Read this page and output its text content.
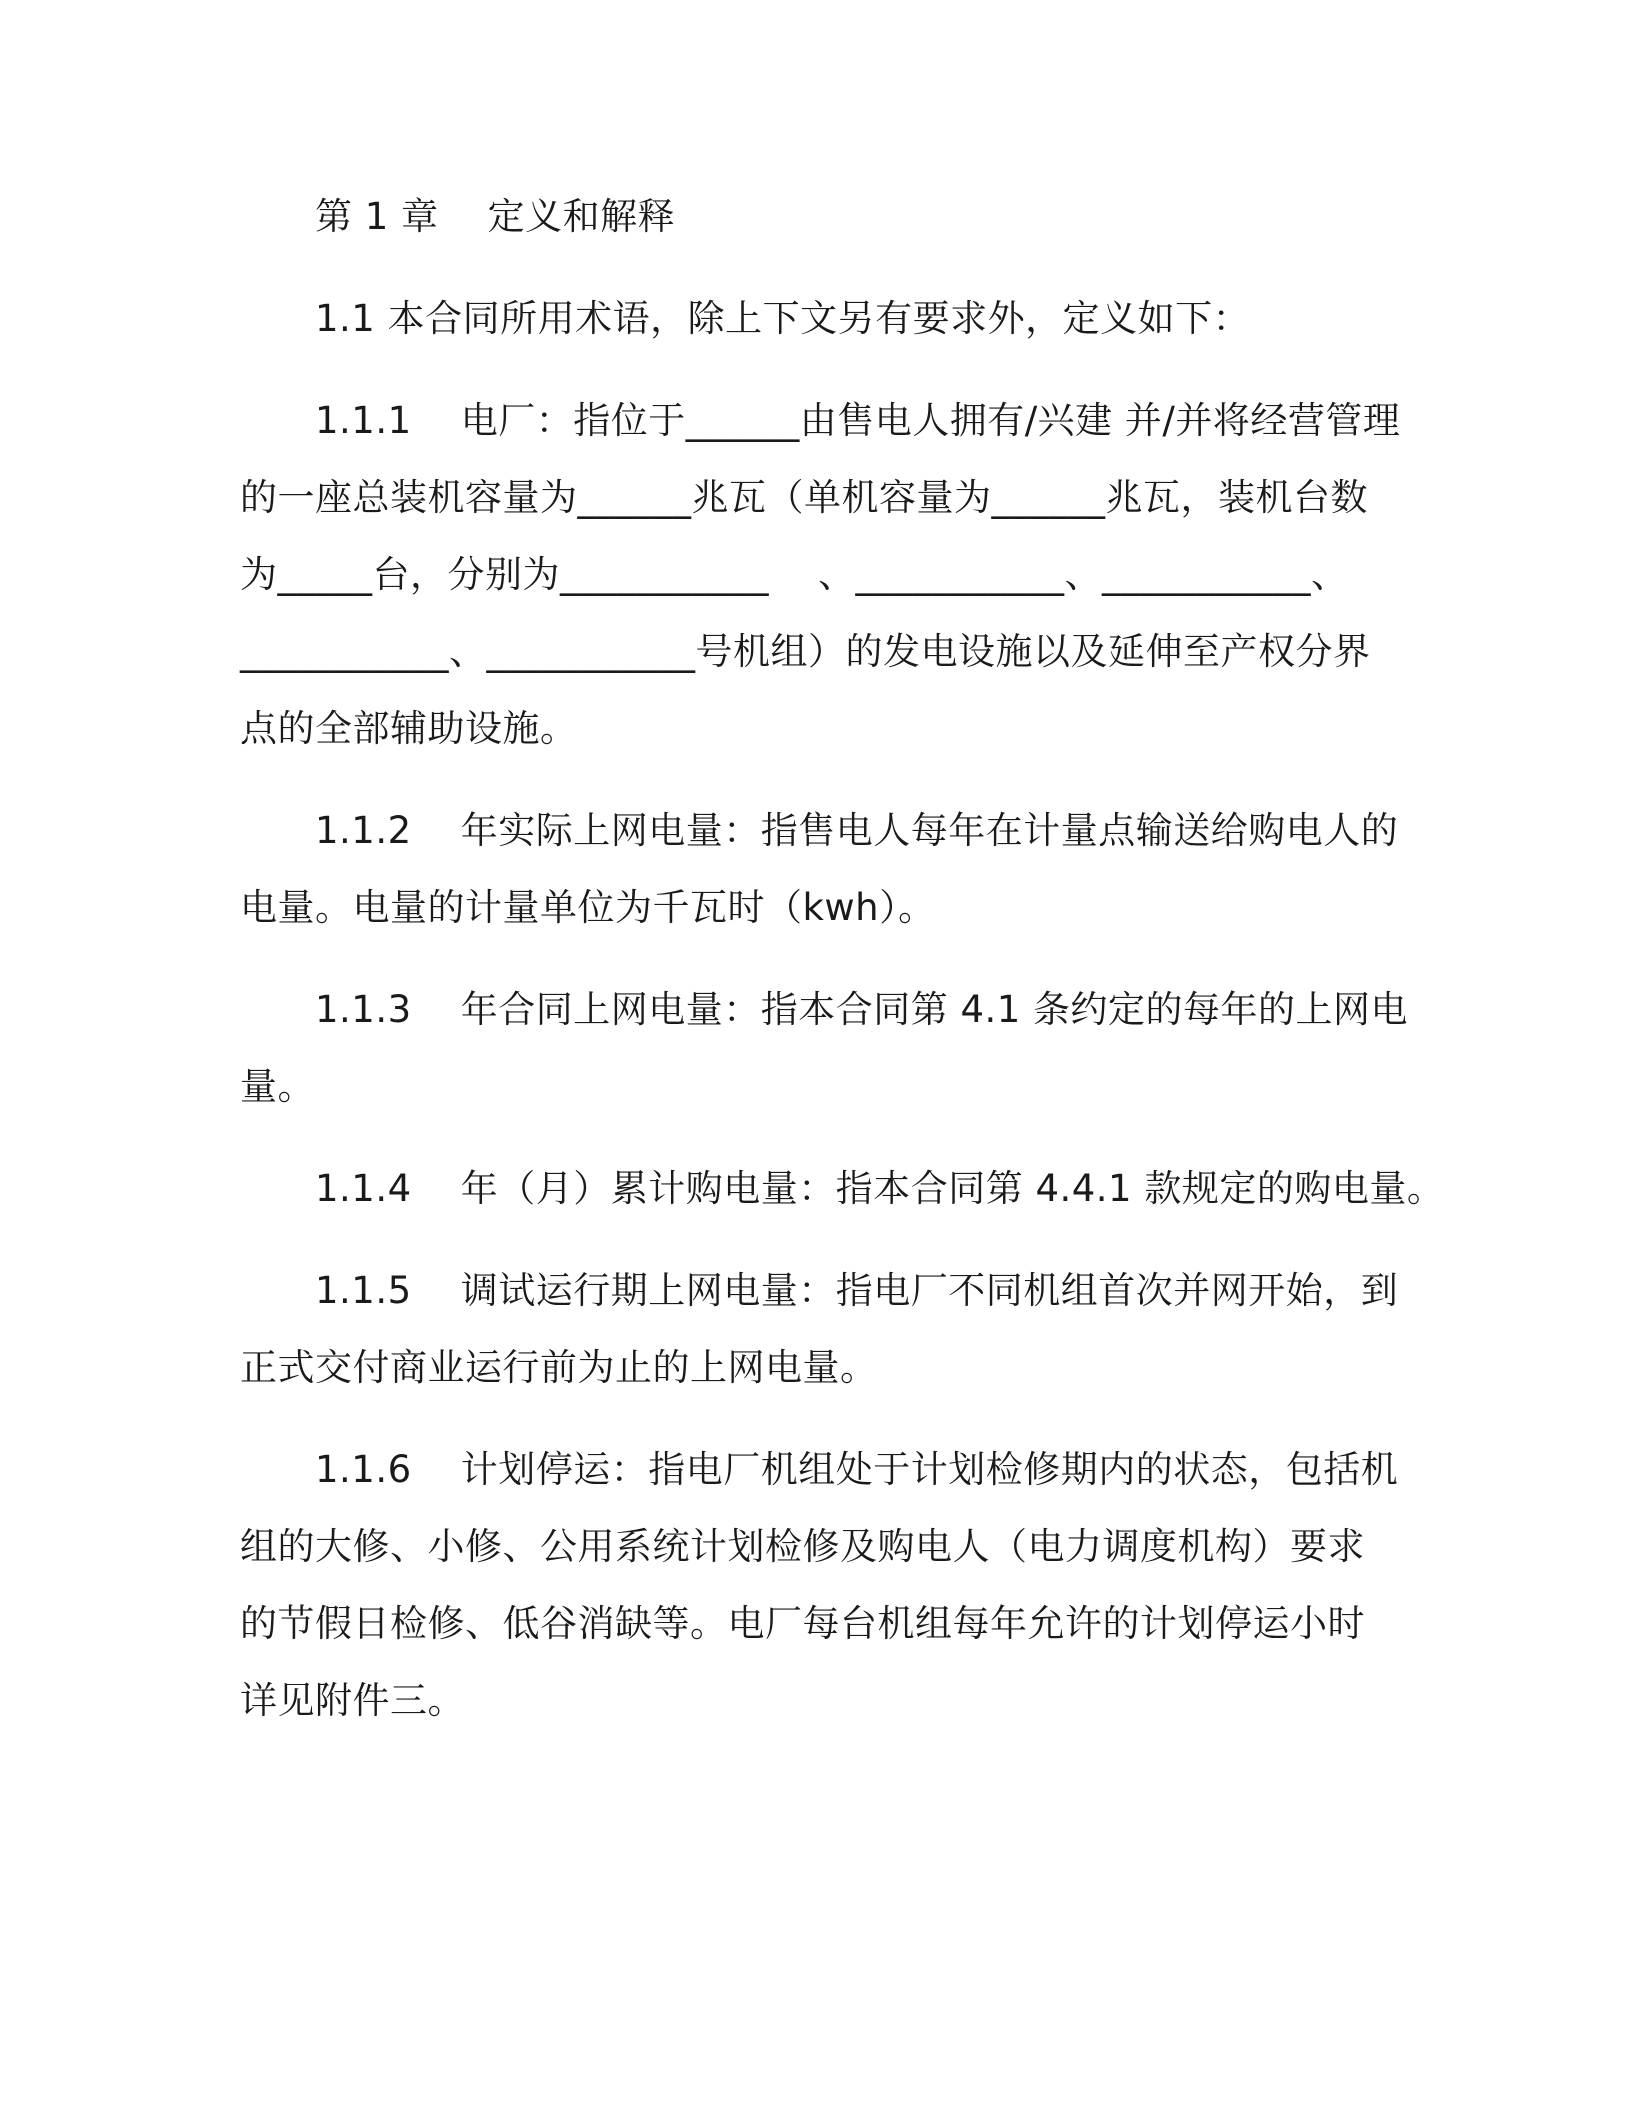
第 1 章    定义和解释
1.1 本合同所用术语，除上下文另有要求外，定义如下：
1.1.1    电厂：指位于______由售电人拥有/兴建 并/并将经营管理
的一座总装机容量为______兆瓦（单机容量为______兆瓦，装机台数
为_____台，分别为___________    、___________、___________、
___________、___________号机组）的发电设施以及延伸至产权分界
点的全部辅助设施。
1.1.2    年实际上网电量：指售电人每年在计量点输送给购电人的
电量。电量的计量单位为千瓦时（kwh）。
1.1.3    年合同上网电量：指本合同第 4.1 条约定的每年的上网电
量。
1.1.4    年（月）累计购电量：指本合同第 4.4.1 款规定的购电量。
1.1.5    调试运行期上网电量：指电厂不同机组首次并网开始，到
正式交付商业运行前为止的上网电量。
1.1.6    计划停运：指电厂机组处于计划检修期内的状态，包括机
组的大修、小修、公用系统计划检修及购电人（电力调度机构）要求
的节假日检修、低谷消缺等。电厂每台机组每年允许的计划停运小时
详见附件三。
